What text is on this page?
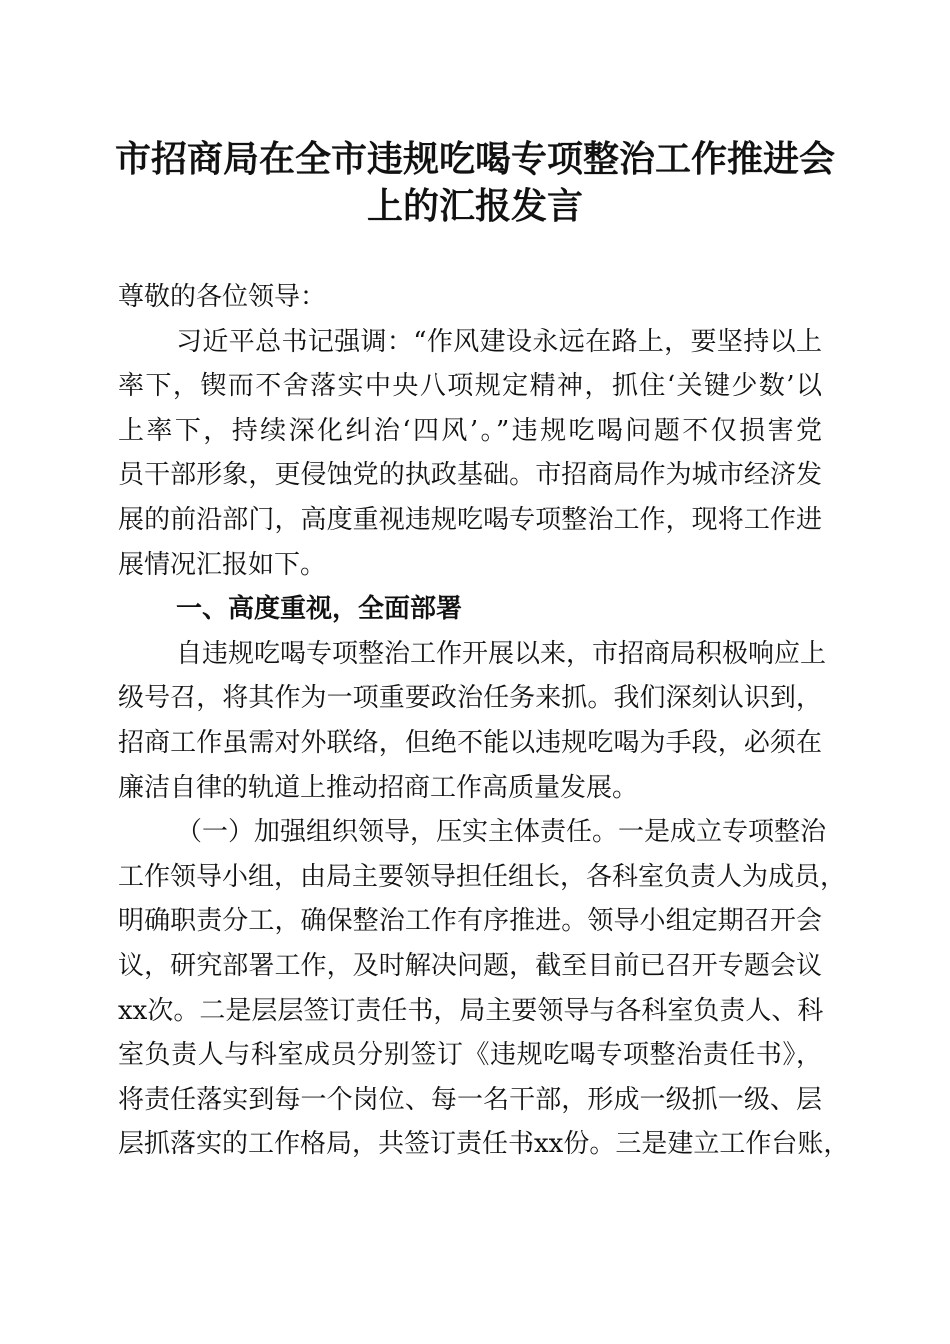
市招商局在全市违规吃喝专项整治工作推进会
上的汇报发言
尊敬的各位领导：
习近平总书记强调：“作风建设永远在路上，要坚持以上
率下，锲而不舍落实中央八项规定精神，抓住‘关键少数’以
上率下，持续深化纠治‘四风’。”违规吃喝问题不仅损害党
员干部形象，更侵蚀党的执政基础。市招商局作为城市经济发
展的前沿部门，高度重视违规吃喝专项整治工作，现将工作进
展情况汇报如下。
一、高度重视，全面部署
自违规吃喝专项整治工作开展以来，市招商局积极响应上
级号召，将其作为一项重要政治任务来抓。我们深刻认识到，
招商工作虽需对外联络，但绝不能以违规吃喝为手段，必须在
廉洁自律的轨道上推动招商工作高质量发展。
（一）加强组织领导，压实主体责任。一是成立专项整治
工作领导小组，由局主要领导担任组长，各科室负责人为成员，
明确职责分工，确保整治工作有序推进。领导小组定期召开会
议，研究部署工作，及时解决问题，截至目前已召开专题会议
xx次。二是层层签订责任书，局主要领导与各科室负责人、科
室负责人与科室成员分别签订《违规吃喝专项整治责任书》，
将责任落实到每一个岗位、每一名干部，形成一级抓一级、层
层抓落实的工作格局，共签订责任书xx份。三是建立工作台账，
